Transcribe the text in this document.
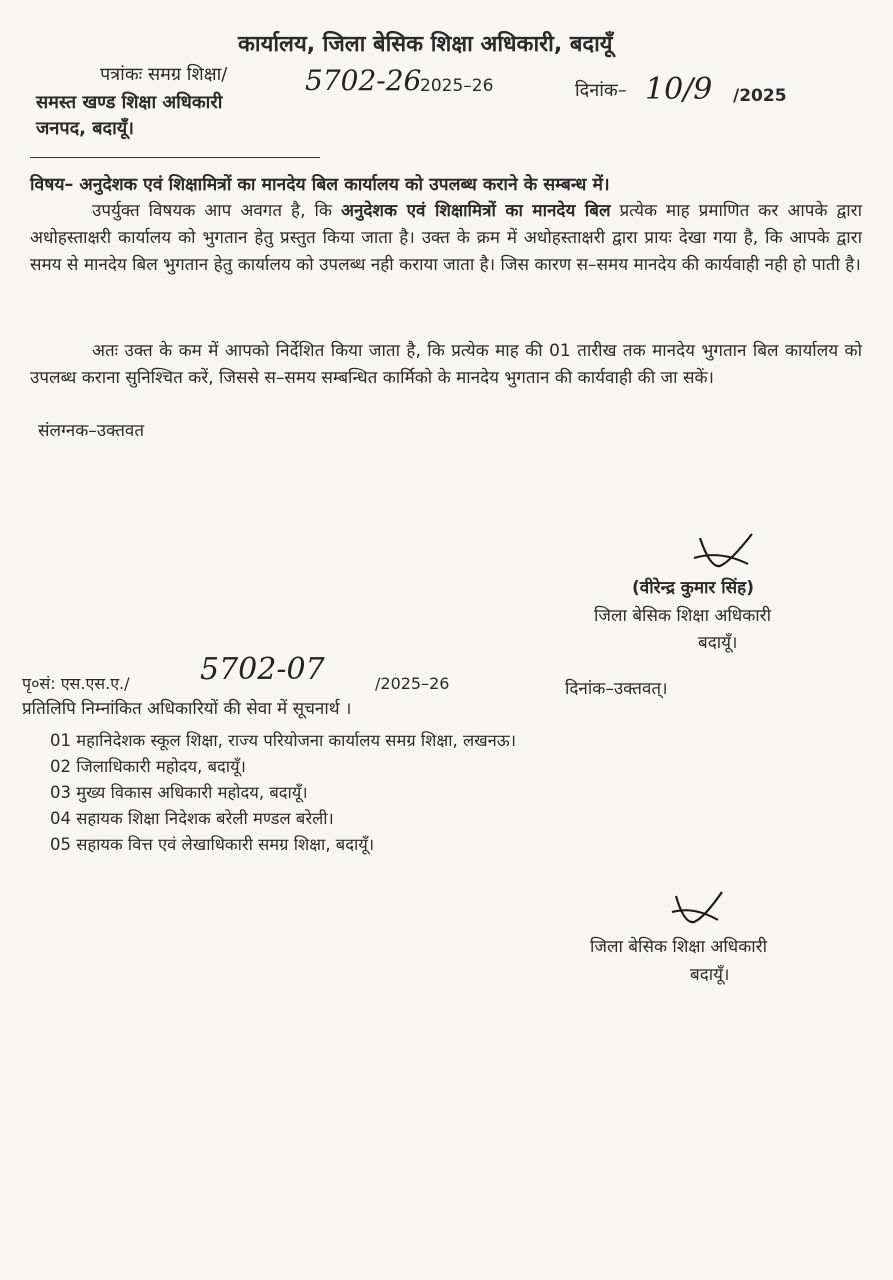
कार्यालय, जिला बेसिक शिक्षा अधिकारी, बदायूँ
पत्रांकः समग्र शिक्षा/	5702-26
2025–26	दिनांक– 10/9 /2025
समस्त खण्ड शिक्षा अधिकारी
जनपद, बदायूँ।
विषय– अनुदेशक एवं शिक्षामित्रों का मानदेय बिल कार्यालय को उपलब्ध कराने के सम्बन्ध में।
उपर्युक्त विषयक आप अवगत है, कि अनुदेशक एवं शिक्षामित्रों का मानदेय बिल प्रत्येक माह प्रमाणित कर आपके द्वारा अधोहस्ताक्षरी कार्यालय को भुगतान हेतु प्रस्तुत किया जाता है। उक्त के क्रम में अधोहस्ताक्षरी द्वारा प्रायः देखा गया है, कि आपके द्वारा समय से मानदेय बिल भुगतान हेतु कार्यालय को उपलब्ध नही कराया जाता है। जिस कारण स–समय मानदेय की कार्यवाही नही हो पाती है।
अतः उक्त के कम में आपको निर्देशित किया जाता है, कि प्रत्येक माह की 01 तारीख तक मानदेय भुगतान बिल कार्यालय को उपलब्ध कराना सुनिश्चित करें, जिससे स–समय सम्बन्धित कार्मिको के मानदेय भुगतान की कार्यवाही की जा सकें।
संलग्नक–उक्तवत
(वीरेन्द्र कुमार सिंह)
जिला बेसिक शिक्षा अधिकारी
बदायूँ।
पृ०सं: एस.एस.ए./ 5702-07	/2025–26	दिनांक–उक्तवत्।
प्रतिलिपि निम्नांकित अधिकारियों की सेवा में सूचनार्थ ।
01 महानिदेशक स्कूल शिक्षा, राज्य परियोजना कार्यालय समग्र शिक्षा, लखनऊ।
02 जिलाधिकारी महोदय, बदायूँ।
03 मुख्य विकास अधिकारी महोदय, बदायूँ।
04 सहायक शिक्षा निदेशक बरेली मण्डल बरेली।
05 सहायक वित्त एवं लेखाधिकारी समग्र शिक्षा, बदायूँ।
जिला बेसिक शिक्षा अधिकारी
बदायूँ।
